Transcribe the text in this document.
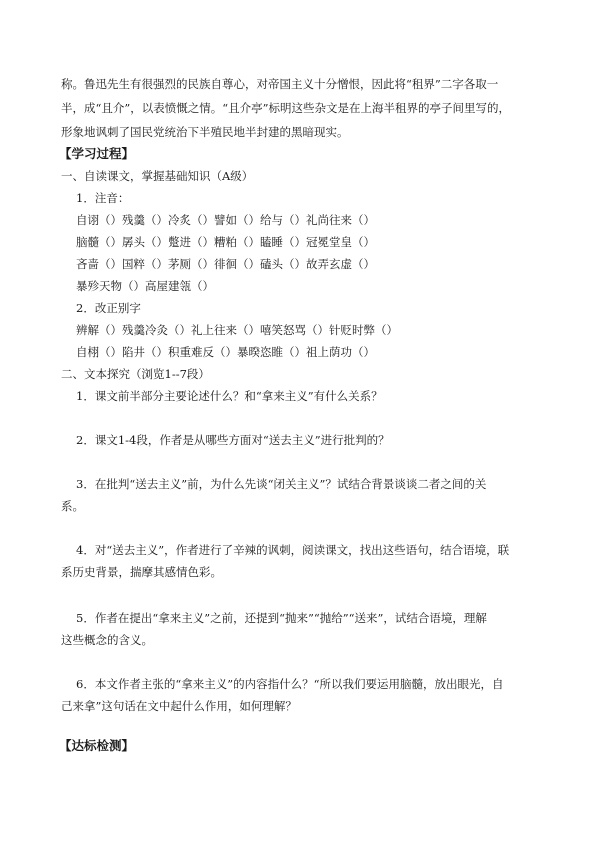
称。鲁迅先生有很强烈的民族自尊心，对帝国主义十分憎恨，因此将“租界”二字各取一
半，成“且介”，以表愤慨之情。“且介亭”标明这些杂文是在上海半租界的亭子间里写的，
形象地讽刺了国民党统治下半殖民地半封建的黑暗现实。
【学习过程】
一、自读课文，掌握基础知识（A级）
1．注音：
自诩（）残羹（）冷炙（）譬如（）给与（）礼尚往来（）
脑髓（）孱头（）蹩进（）糟粕（）瞌睡（）冠冕堂皇（）
吝啬（）国粹（）茅厕（）徘徊（）磕头（）故弄玄虚（）
暴殄天物（）高屋建瓴（）
2．改正别字
辨解（）残羹冷灸（）礼上往来（）嘻笑怒骂（）针贬时弊（）
自栩（）陷井（）积重难反（）暴暌恣睢（）祖上荫功（）
二、文本探究（浏览1--7段）
1．课文前半部分主要论述什么？和“拿来主义”有什么关系？
2．课文1-4段，作者是从哪些方面对“送去主义”进行批判的？
3．在批判“送去主义”前，为什么先谈“闭关主义”？试结合背景谈谈二者之间的关
系。
4．对“送去主义”，作者进行了辛辣的讽刺，阅读课文，找出这些语句，结合语境，联
系历史背景，揣摩其感情色彩。
5．作者在提出“拿来主义”之前，还提到“抛来”“抛给”“送来”，试结合语境，理解
这些概念的含义。
6．本文作者主张的“拿来主义”的内容指什么？“所以我们要运用脑髓，放出眼光，自
己来拿”这句话在文中起什么作用，如何理解？
【达标检测】
